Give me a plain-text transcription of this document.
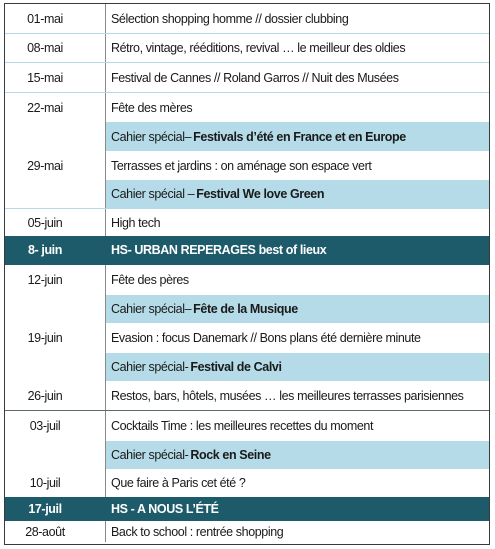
01-mai	Sélection shopping homme // dossier clubbing
08-mai	Rétro, vintage, rééditions, revival … le meilleur des oldies
15-mai	Festival de Cannes // Roland Garros // Nuit des Musées
22-mai	Fête des mères
Cahier spécial– Festivals d’été en France et en Europe
29-mai	Terrasses et jardins : on aménage son espace vert
Cahier spécial – Festival We love Green
05-juin	High tech
8- juin	HS- URBAN REPERAGES best of lieux
12-juin	Fête des pères
Cahier spécial– Fête de la Musique
19-juin	Evasion : focus Danemark // Bons plans été dernière minute
Cahier spécial- Festival de Calvi
26-juin	Restos, bars, hôtels, musées … les meilleures terrasses parisiennes
03-juil	Cocktails Time : les meilleures recettes du moment
Cahier spécial- Rock en Seine
10-juil	Que faire à Paris cet été ?
17-juil	HS - A NOUS L’ÉTÉ
28-août	Back to school : rentrée shopping
